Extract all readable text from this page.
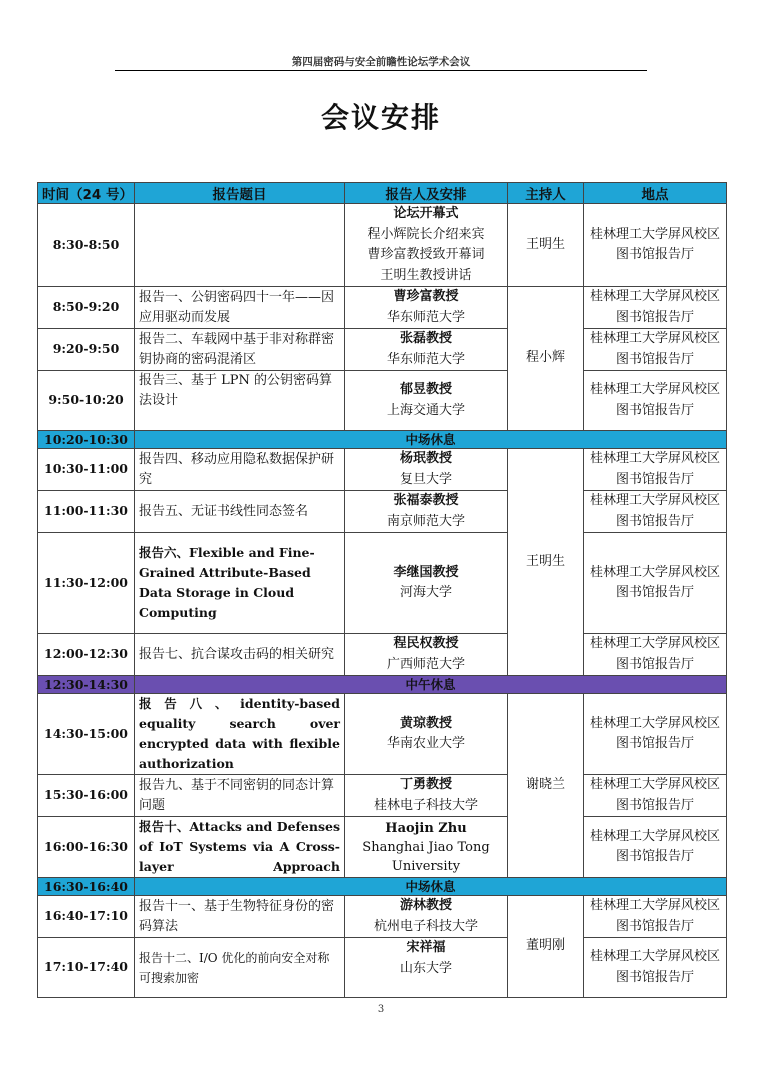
第四届密码与安全前瞻性论坛学术会议
会议安排
时间（24 号）	报告题目	报告人及安排	主持人	地点
8:30-8:50		论坛开幕式
程小辉院长介绍来宾
曹珍富教授致开幕词
王明生教授讲话	王明生	桂林理工大学屏风校区图书馆报告厅
8:50-9:20	报告一、公钥密码四十一年——因应用驱动而发展	曹珍富教授
华东师范大学	程小辉	桂林理工大学屏风校区图书馆报告厅
9:20-9:50	报告二、车载网中基于非对称群密钥协商的密码混淆区	张磊教授
华东师范大学		桂林理工大学屏风校区图书馆报告厅
9:50-10:20	报告三、基于 LPN 的公钥密码算法设计	郁昱教授
上海交通大学		桂林理工大学屏风校区图书馆报告厅
10:20-10:30	中场休息			
10:30-11:00	报告四、移动应用隐私数据保护研究	杨珉教授
复旦大学	王明生	桂林理工大学屏风校区图书馆报告厅
11:00-11:30	报告五、无证书线性同态签名	张福泰教授
南京师范大学		桂林理工大学屏风校区图书馆报告厅
11:30-12:00	报告六、Flexible and Fine-Grained Attribute-Based Data Storage in Cloud Computing	李继国教授
河海大学		桂林理工大学屏风校区图书馆报告厅
12:00-12:30	报告七、抗合谋攻击码的相关研究	程民权教授
广西师范大学		桂林理工大学屏风校区图书馆报告厅
12:30-14:30	中午休息			
14:30-15:00	报告八、identity-based equality search over encrypted data with flexible authorization	黄琼教授
华南农业大学	谢晓兰	桂林理工大学屏风校区图书馆报告厅
15:30-16:00	报告九、基于不同密钥的同态计算问题	丁勇教授
桂林电子科技大学		桂林理工大学屏风校区图书馆报告厅
16:00-16:30	报告十、Attacks and Defenses of IoT Systems via A Cross-layer Approach	Haojin Zhu
Shanghai Jiao Tong University		桂林理工大学屏风校区图书馆报告厅
16:30-16:40	中场休息			
16:40-17:10	报告十一、基于生物特征身份的密码算法	游林教授
杭州电子科技大学	董明刚	桂林理工大学屏风校区图书馆报告厅
17:10-17:40	报告十二、I/O 优化的前向安全对称可搜索加密	宋祥福
山东大学		桂林理工大学屏风校区图书馆报告厅
3
